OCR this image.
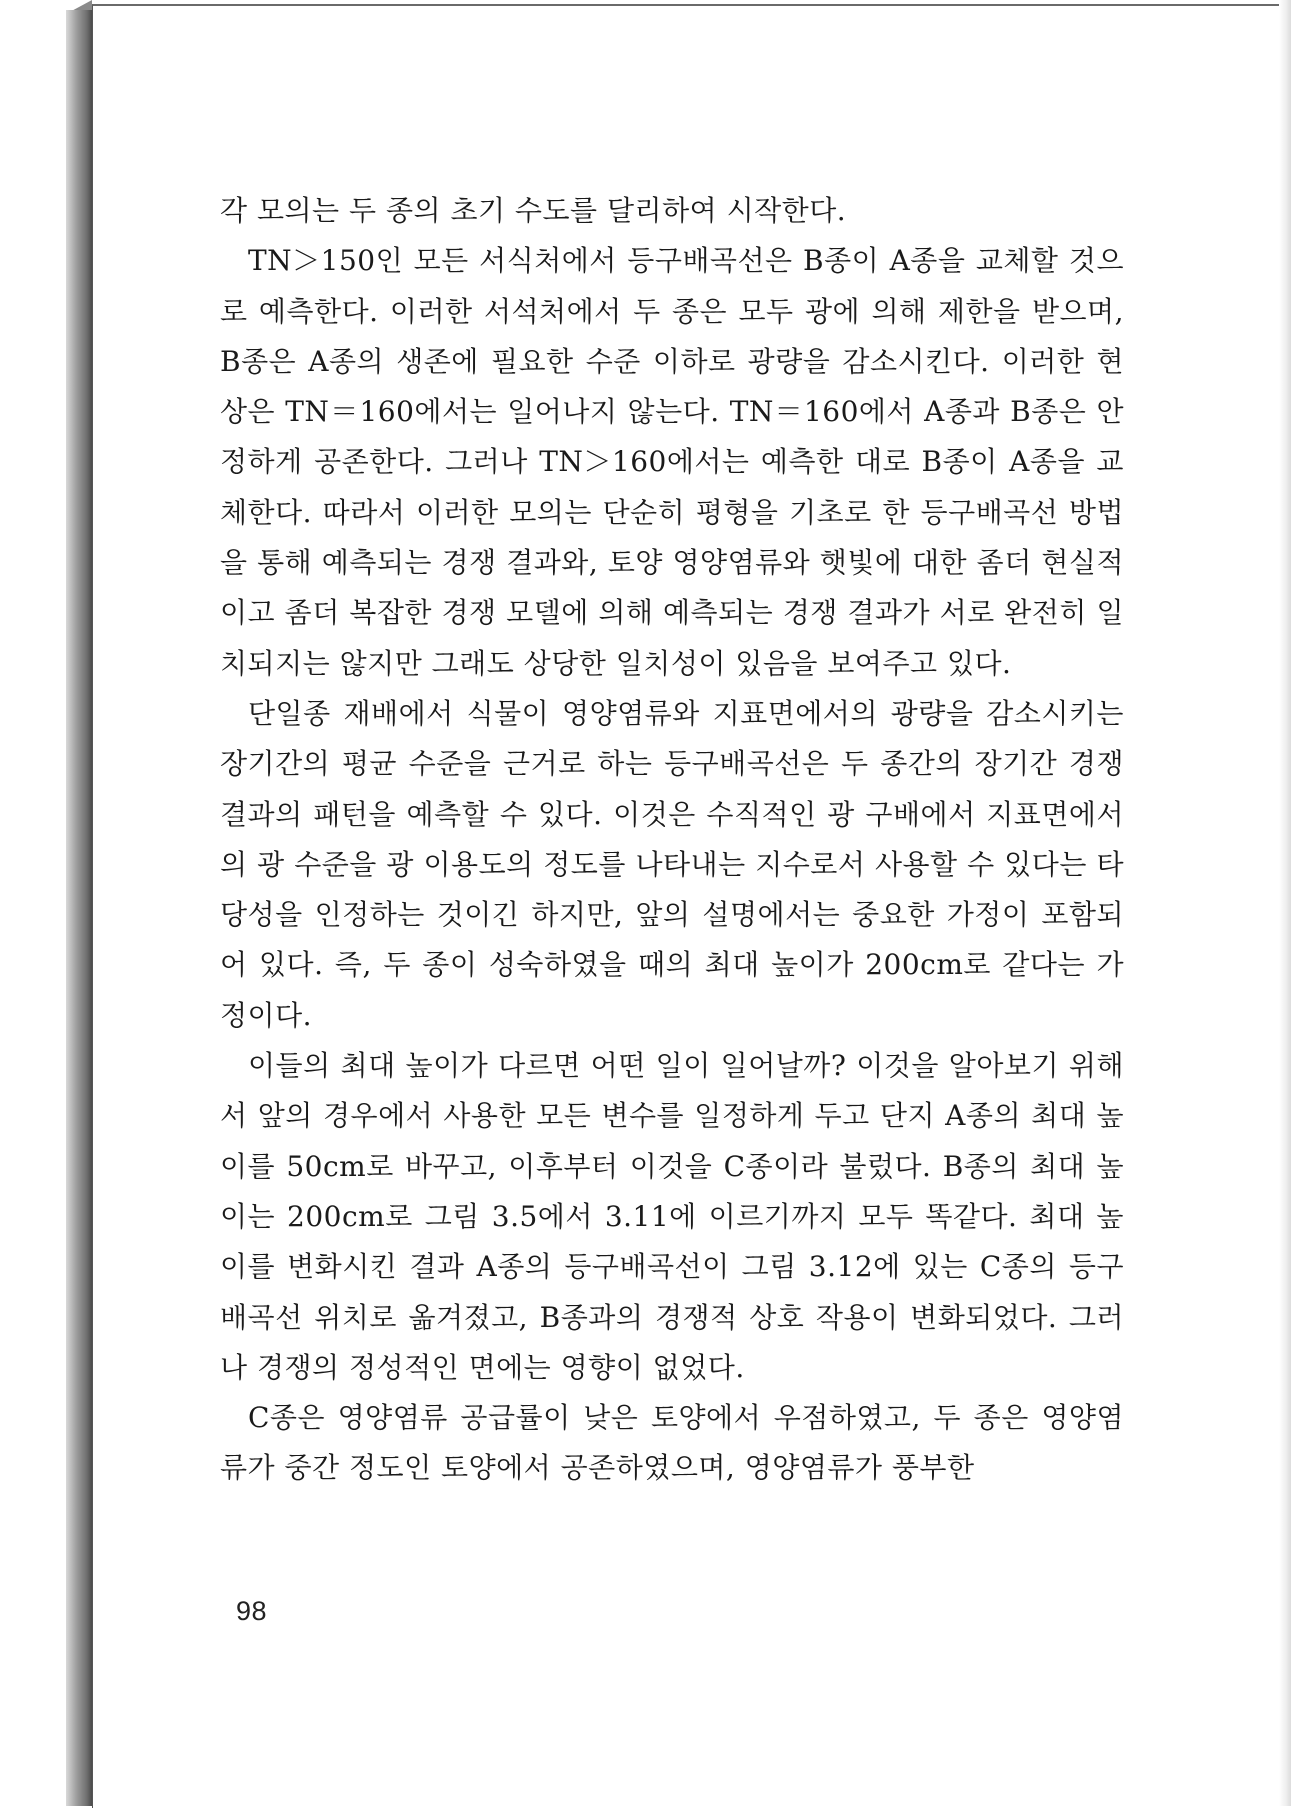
각 모의는 두 종의 초기 수도를 달리하여 시작한다.

TN＞150인 모든 서식처에서 등구배곡선은 B종이 A종을 교체할 것으로 예측한다. 이러한 서석처에서 두 종은 모두 광에 의해 제한을 받으며, B종은 A종의 생존에 필요한 수준 이하로 광량을 감소시킨다. 이러한 현상은 TN＝160에서는 일어나지 않는다. TN＝160에서 A종과 B종은 안정하게 공존한다. 그러나 TN＞160에서는 예측한 대로 B종이 A종을 교체한다. 따라서 이러한 모의는 단순히 평형을 기초로 한 등구배곡선 방법을 통해 예측되는 경쟁 결과와, 토양 영양염류와 햇빛에 대한 좀더 현실적이고 좀더 복잡한 경쟁 모델에 의해 예측되는 경쟁 결과가 서로 완전히 일치되지는 않지만 그래도 상당한 일치성이 있음을 보여주고 있다.

단일종 재배에서 식물이 영양염류와 지표면에서의 광량을 감소시키는 장기간의 평균 수준을 근거로 하는 등구배곡선은 두 종간의 장기간 경쟁 결과의 패턴을 예측할 수 있다. 이것은 수직적인 광 구배에서 지표면에서의 광 수준을 광 이용도의 정도를 나타내는 지수로서 사용할 수 있다는 타당성을 인정하는 것이긴 하지만, 앞의 설명에서는 중요한 가정이 포함되어 있다. 즉, 두 종이 성숙하였을 때의 최대 높이가 200cm로 같다는 가정이다.

이들의 최대 높이가 다르면 어떤 일이 일어날까? 이것을 알아보기 위해서 앞의 경우에서 사용한 모든 변수를 일정하게 두고 단지 A종의 최대 높이를 50cm로 바꾸고, 이후부터 이것을 C종이라 불렀다. B종의 최대 높이는 200cm로 그림 3.5에서 3.11에 이르기까지 모두 똑같다. 최대 높이를 변화시킨 결과 A종의 등구배곡선이 그림 3.12에 있는 C종의 등구배곡선 위치로 옮겨졌고, B종과의 경쟁적 상호 작용이 변화되었다. 그러나 경쟁의 정성적인 면에는 영향이 없었다.

C종은 영양염류 공급률이 낮은 토양에서 우점하였고, 두 종은 영양염류가 중간 정도인 토양에서 공존하였으며, 영양염류가 풍부한

98
